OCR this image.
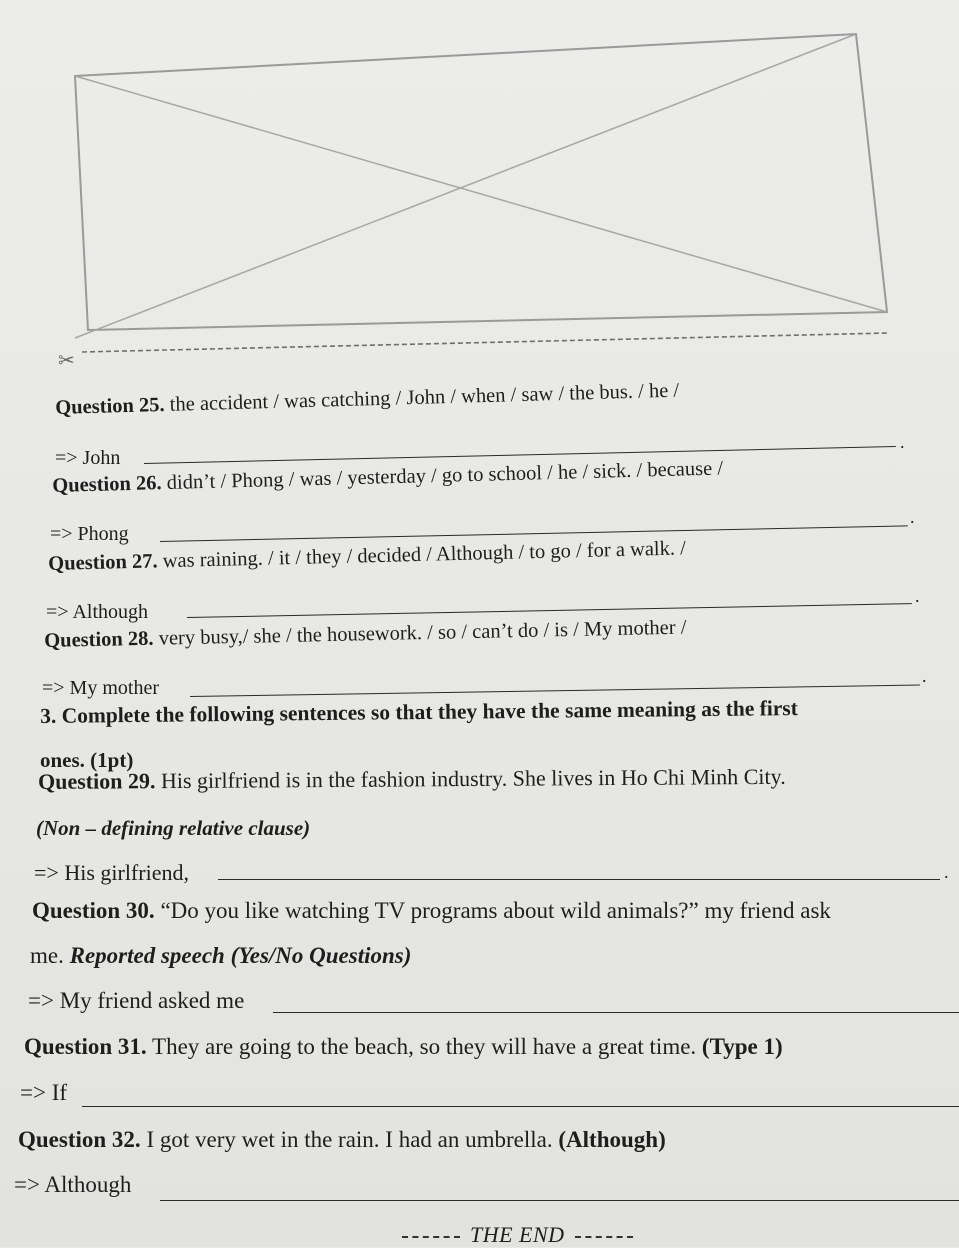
✂
Question 25. the accident / was catching / John / when / saw / the bus. / he /
=> John
.
Question 26. didn’t / Phong / was / yesterday / go to school / he / sick. / because /
=> Phong
.
Question 27. was raining. / it / they / decided / Although / to go / for a walk. /
=> Although
.
Question 28. very busy,/ she / the housework. / so / can’t do / is / My mother /
=> My mother
.
3. Complete the following sentences so that they have the same meaning as the first
ones. (1pt)
Question 29. His girlfriend is in the fashion industry. She lives in Ho Chi Minh City.
(Non – defining relative clause)
=> His girlfriend,	.
Question 30. “Do you like watching TV programs about wild animals?” my friend ask
me. Reported speech (Yes/No Questions)
=> My friend asked me
Question 31. They are going to the beach, so they will have a great time. (Type 1)
=> If
Question 32. I got very wet in the rain. I had an umbrella. (Although)
=> Although
THE END
